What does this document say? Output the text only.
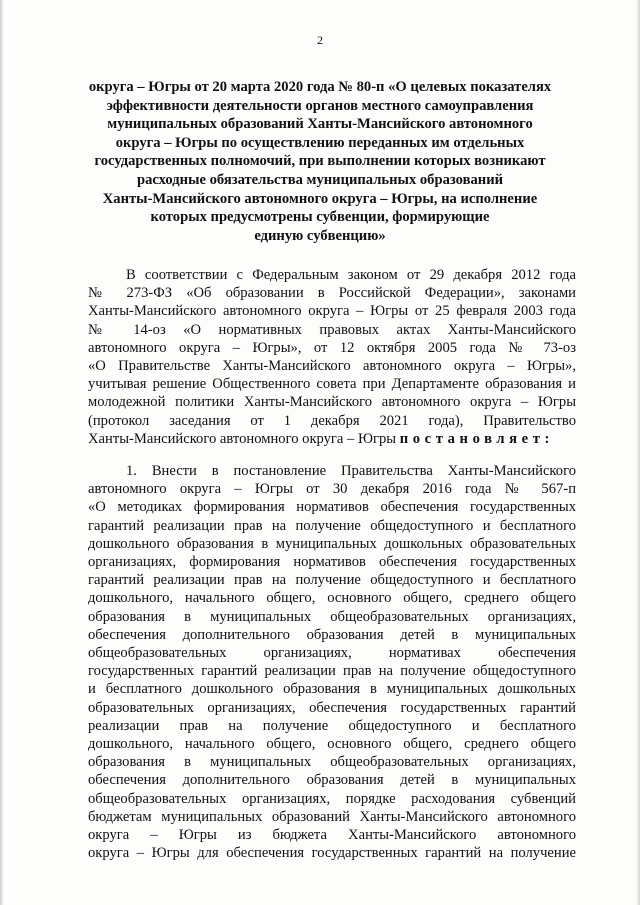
2
округа – Югры от 20 марта 2020 года № 80-п «О целевых показателях
эффективности деятельности органов местного самоуправления
муниципальных образований Ханты-Мансийского автономного
округа – Югры по осуществлению переданных им отдельных
государственных полномочий, при выполнении которых возникают
расходные обязательства муниципальных образований
Ханты-Мансийского автономного округа – Югры, на исполнение
которых предусмотрены субвенции, формирующие
единую субвенцию»
В соответствии с Федеральным законом от 29 декабря 2012 года
№ 273-ФЗ «Об образовании в Российской Федерации», законами
Ханты-Мансийского автономного округа – Югры от 25 февраля 2003 года
№ 14-оз «О нормативных правовых актах Ханты-Мансийского
автономного округа – Югры», от 12 октября 2005 года № 73-оз
«О Правительстве Ханты-Мансийского автономного округа – Югры»,
учитывая решение Общественного совета при Департаменте образования и
молодежной политики Ханты-Мансийского автономного округа – Югры
(протокол заседания от 1 декабря 2021 года), Правительство
Ханты-Мансийского автономного округа – Югры постановляет:
1. Внести в постановление Правительства Ханты-Мансийского
автономного округа – Югры от 30 декабря 2016 года № 567-п
«О методиках формирования нормативов обеспечения государственных
гарантий реализации прав на получение общедоступного и бесплатного
дошкольного образования в муниципальных дошкольных образовательных
организациях, формирования нормативов обеспечения государственных
гарантий реализации прав на получение общедоступного и бесплатного
дошкольного, начального общего, основного общего, среднего общего
образования в муниципальных общеобразовательных организациях,
обеспечения дополнительного образования детей в муниципальных
общеобразовательных организациях, нормативах обеспечения
государственных гарантий реализации прав на получение общедоступного
и бесплатного дошкольного образования в муниципальных дошкольных
образовательных организациях, обеспечения государственных гарантий
реализации прав на получение общедоступного и бесплатного
дошкольного, начального общего, основного общего, среднего общего
образования в муниципальных общеобразовательных организациях,
обеспечения дополнительного образования детей в муниципальных
общеобразовательных организациях, порядке расходования субвенций
бюджетам муниципальных образований Ханты-Мансийского автономного
округа – Югры из бюджета Ханты-Мансийского автономного
округа – Югры для обеспечения государственных гарантий на получение
